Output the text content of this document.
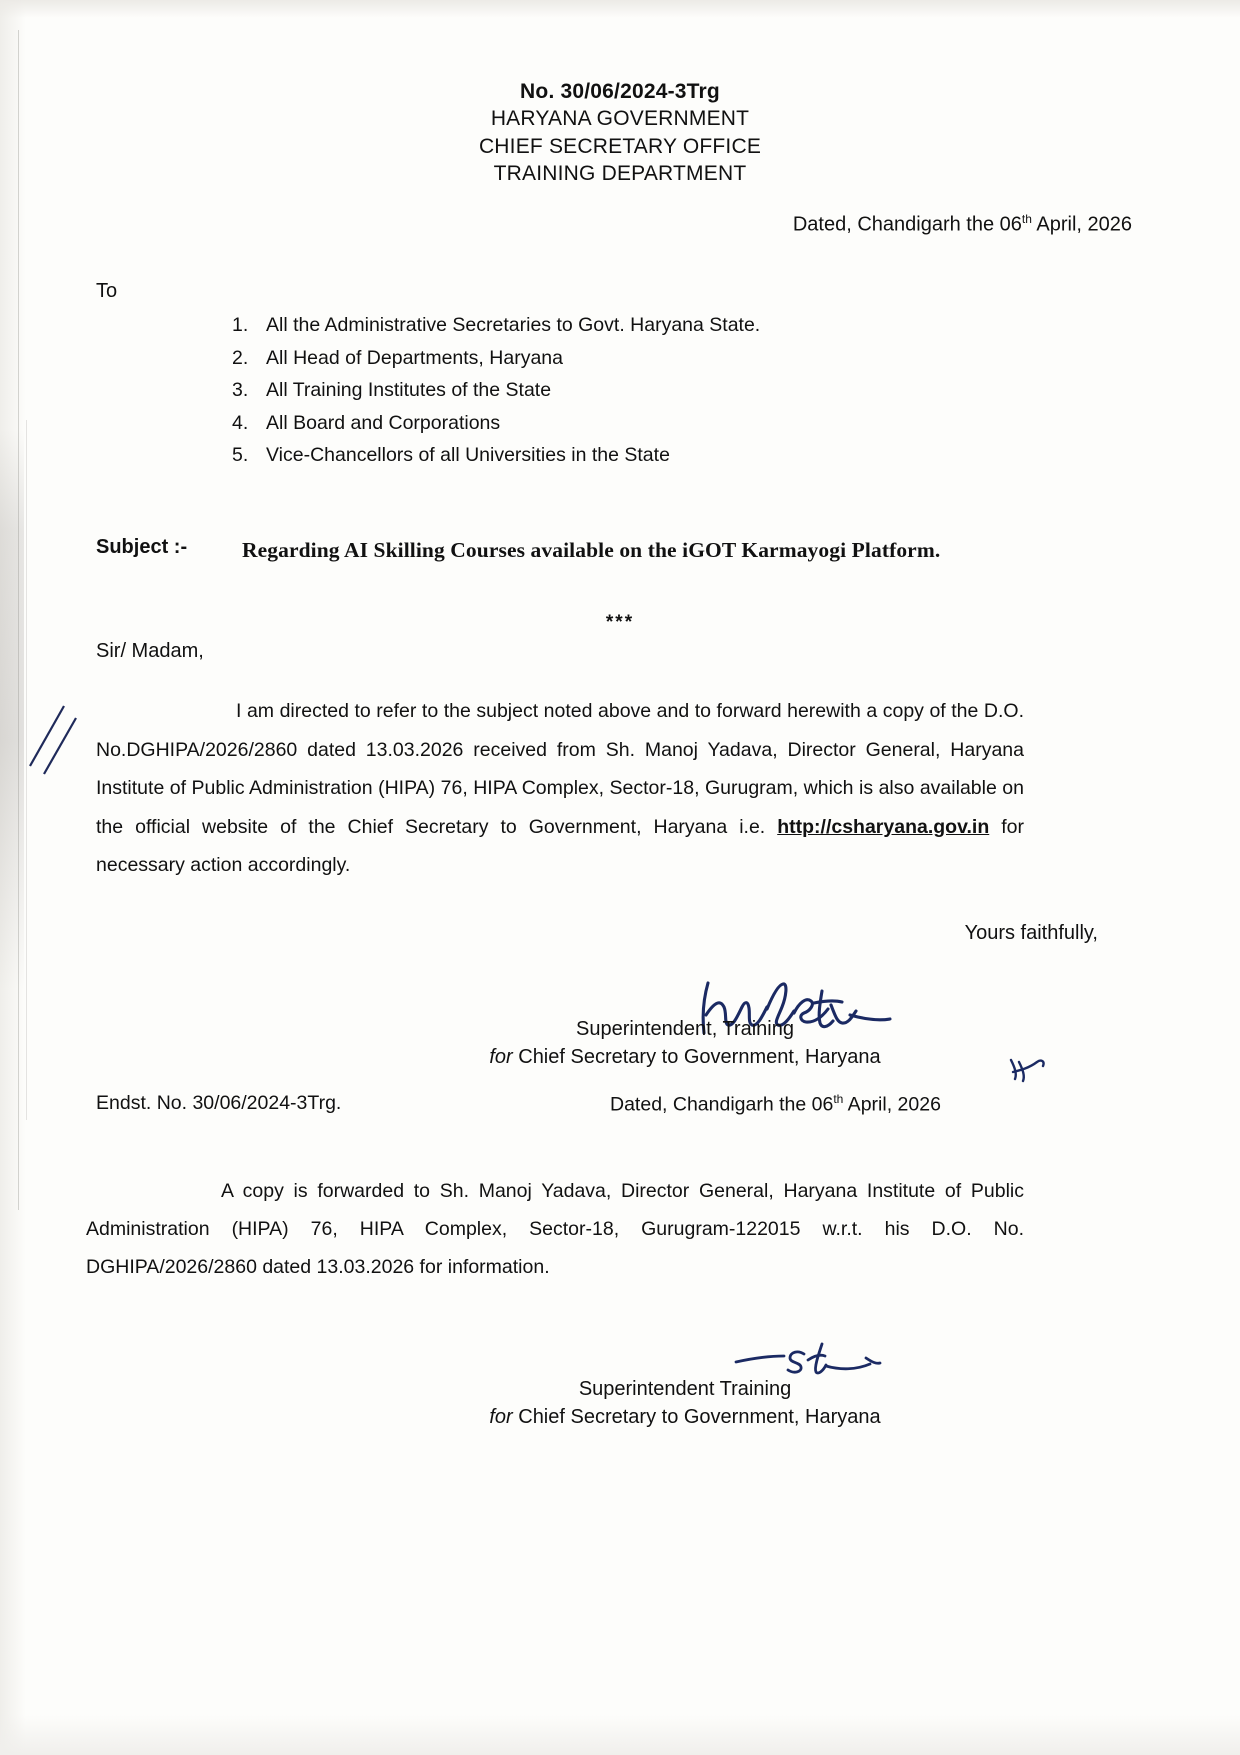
No. 30/06/2024-3Trg
HARYANA GOVERNMENT
CHIEF SECRETARY OFFICE
TRAINING DEPARTMENT
Dated, Chandigarh the 06th April, 2026
To
1. All the Administrative Secretaries to Govt. Haryana State.
2. All Head of Departments, Haryana
3. All Training Institutes of the State
4. All Board and Corporations
5. Vice-Chancellors of all Universities in the State
Subject :-	Regarding AI Skilling Courses available on the iGOT Karmayogi Platform.
***
Sir/ Madam,
I am directed to refer to the subject noted above and to forward herewith a copy of the D.O. No.DGHIPA/2026/2860 dated 13.03.2026 received from Sh. Manoj Yadava, Director General, Haryana Institute of Public Administration (HIPA) 76, HIPA Complex, Sector-18, Gurugram, which is also available on the official website of the Chief Secretary to Government, Haryana i.e. http://csharyana.gov.in for necessary action accordingly.
Yours faithfully,
Superintendent, Training
for Chief Secretary to Government, Haryana
Endst. No. 30/06/2024-3Trg.	Dated, Chandigarh the 06th April, 2026
A copy is forwarded to Sh. Manoj Yadava, Director General, Haryana Institute of Public Administration (HIPA) 76, HIPA Complex, Sector-18, Gurugram-122015 w.r.t. his D.O. No. DGHIPA/2026/2860 dated 13.03.2026 for information.
Superintendent Training
for Chief Secretary to Government, Haryana
